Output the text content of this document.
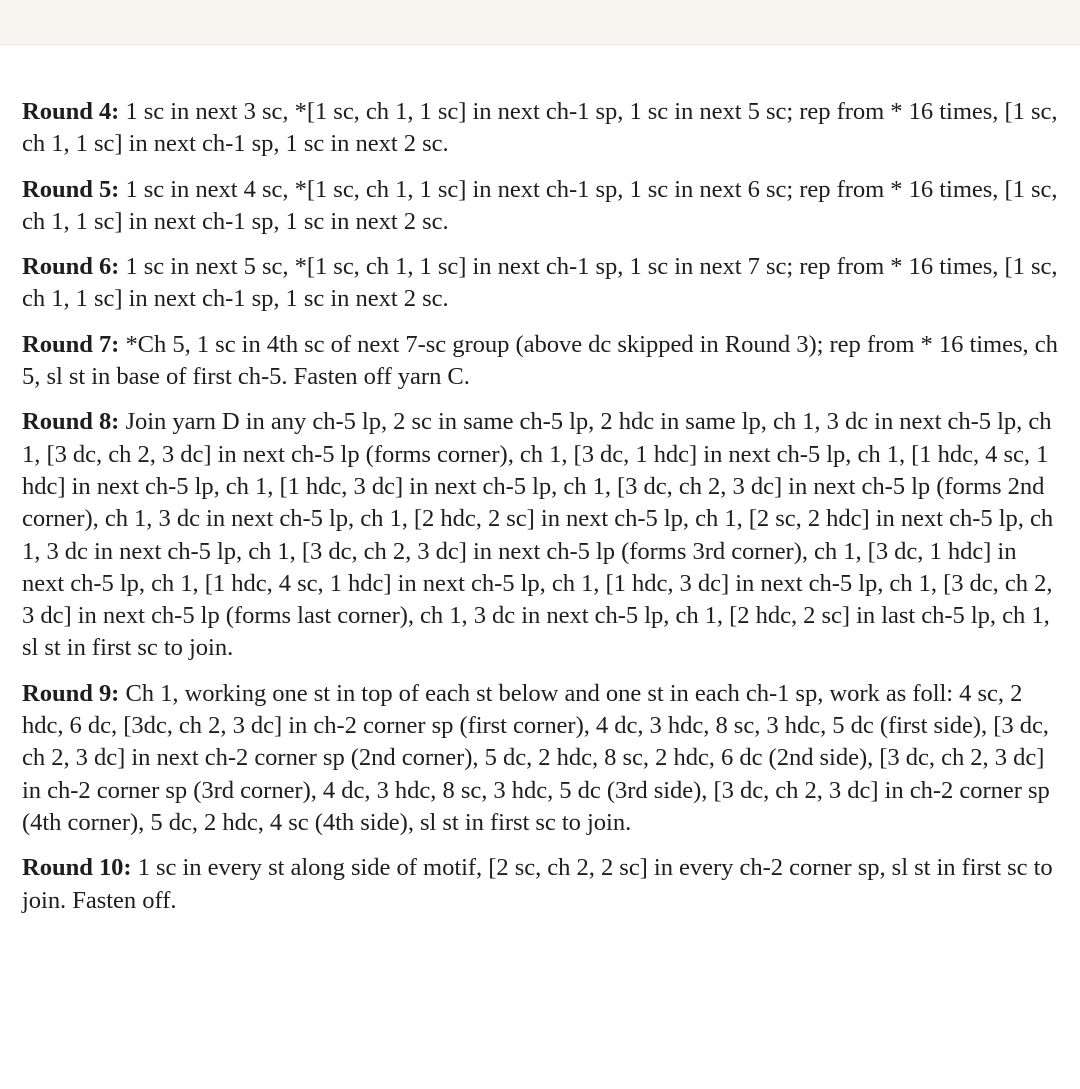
Round 4: 1 sc in next 3 sc, *[1 sc, ch 1, 1 sc] in next ch-1 sp, 1 sc in next 5 sc; rep from * 16 times, [1 sc, ch 1, 1 sc] in next ch-1 sp, 1 sc in next 2 sc.

Round 5: 1 sc in next 4 sc, *[1 sc, ch 1, 1 sc] in next ch-1 sp, 1 sc in next 6 sc; rep from * 16 times, [1 sc, ch 1, 1 sc] in next ch-1 sp, 1 sc in next 2 sc.

Round 6: 1 sc in next 5 sc, *[1 sc, ch 1, 1 sc] in next ch-1 sp, 1 sc in next 7 sc; rep from * 16 times, [1 sc, ch 1, 1 sc] in next ch-1 sp, 1 sc in next 2 sc.

Round 7: *Ch 5, 1 sc in 4th sc of next 7-sc group (above dc skipped in Round 3); rep from * 16 times, ch 5, sl st in base of first ch-5. Fasten off yarn C.

Round 8: Join yarn D in any ch-5 lp, 2 sc in same ch-5 lp, 2 hdc in same lp, ch 1, 3 dc in next ch-5 lp, ch 1, [3 dc, ch 2, 3 dc] in next ch-5 lp (forms corner), ch 1, [3 dc, 1 hdc] in next ch-5 lp, ch 1, [1 hdc, 4 sc, 1 hdc] in next ch-5 lp, ch 1, [1 hdc, 3 dc] in next ch-5 lp, ch 1, [3 dc, ch 2, 3 dc] in next ch-5 lp (forms 2nd corner), ch 1, 3 dc in next ch-5 lp, ch 1, [2 hdc, 2 sc] in next ch-5 lp, ch 1, [2 sc, 2 hdc] in next ch-5 lp, ch 1, 3 dc in next ch-5 lp, ch 1, [3 dc, ch 2, 3 dc] in next ch-5 lp (forms 3rd corner), ch 1, [3 dc, 1 hdc] in next ch-5 lp, ch 1, [1 hdc, 4 sc, 1 hdc] in next ch-5 lp, ch 1, [1 hdc, 3 dc] in next ch-5 lp, ch 1, [3 dc, ch 2, 3 dc] in next ch-5 lp (forms last corner), ch 1, 3 dc in next ch-5 lp, ch 1, [2 hdc, 2 sc] in last ch-5 lp, ch 1, sl st in first sc to join.

Round 9: Ch 1, working one st in top of each st below and one st in each ch-1 sp, work as foll: 4 sc, 2 hdc, 6 dc, [3dc, ch 2, 3 dc] in ch-2 corner sp (first corner), 4 dc, 3 hdc, 8 sc, 3 hdc, 5 dc (first side), [3 dc, ch 2, 3 dc] in next ch-2 corner sp (2nd corner), 5 dc, 2 hdc, 8 sc, 2 hdc, 6 dc (2nd side), [3 dc, ch 2, 3 dc] in ch-2 corner sp (3rd corner), 4 dc, 3 hdc, 8 sc, 3 hdc, 5 dc (3rd side), [3 dc, ch 2, 3 dc] in ch-2 corner sp (4th corner), 5 dc, 2 hdc, 4 sc (4th side), sl st in first sc to join.

Round 10: 1 sc in every st along side of motif, [2 sc, ch 2, 2 sc] in every ch-2 corner sp, sl st in first sc to join. Fasten off.
